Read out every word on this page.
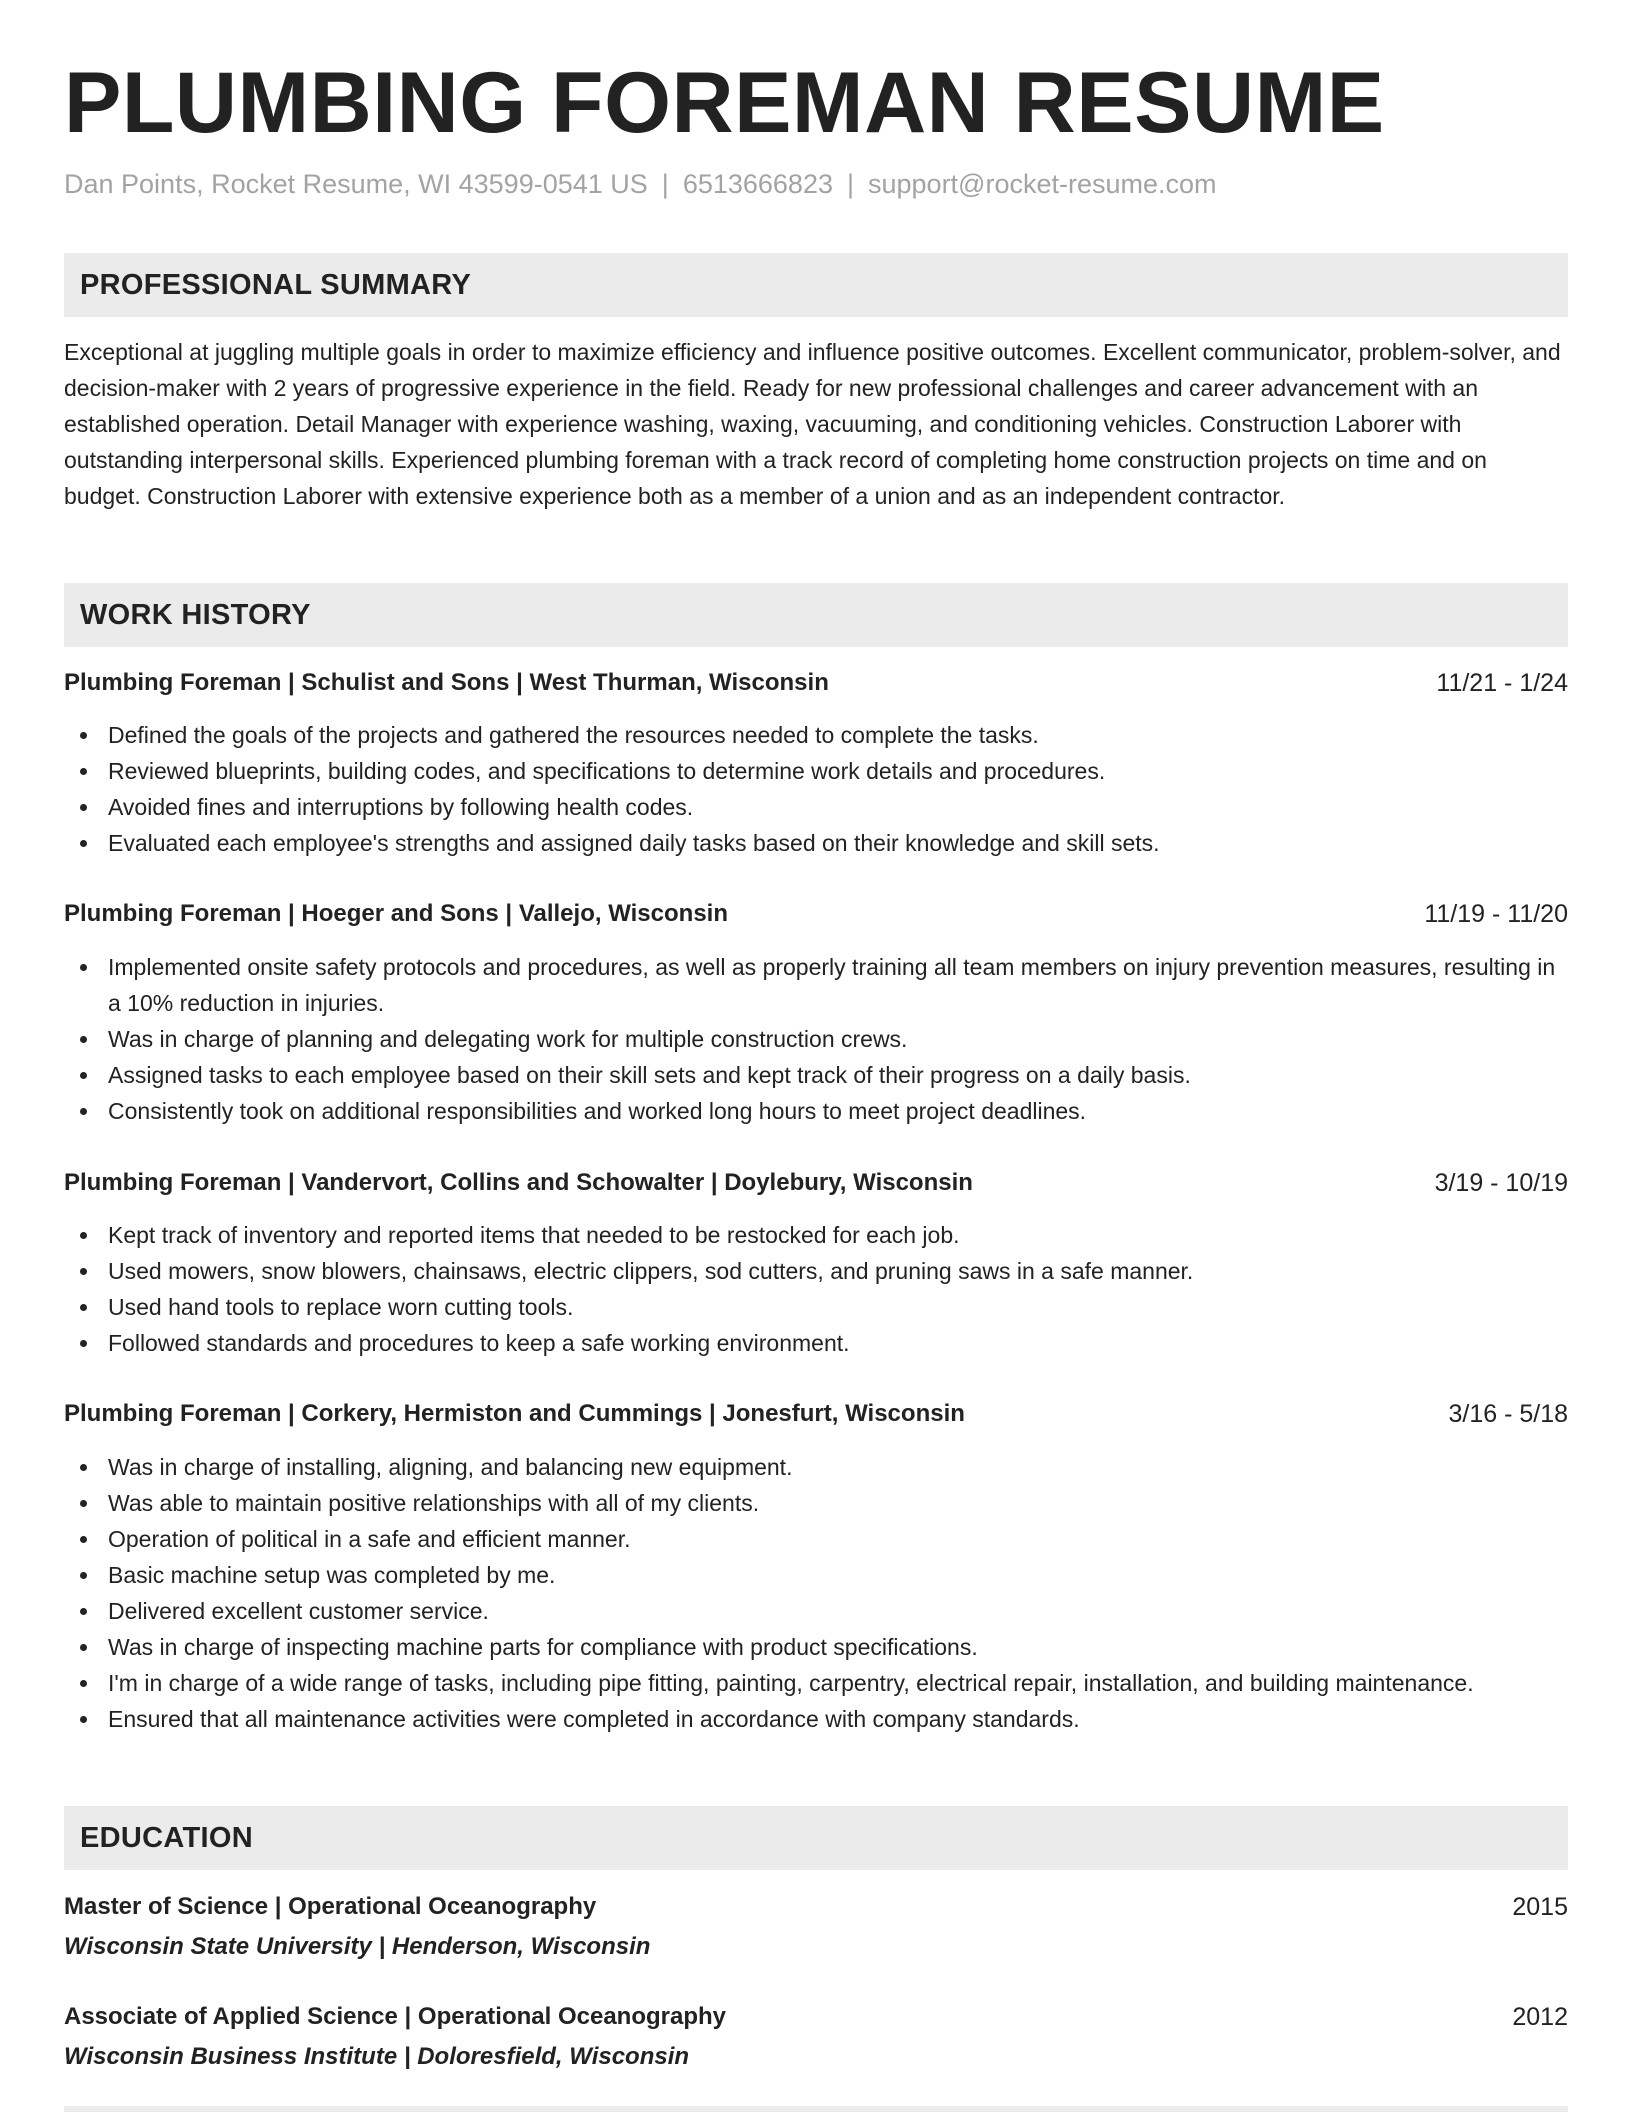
PLUMBING FOREMAN RESUME
Dan Points, Rocket Resume, WI 43599-0541 US | 6513666823 | support@rocket-resume.com
PROFESSIONAL SUMMARY

Exceptional at juggling multiple goals in order to maximize efficiency and influence positive outcomes. Excellent communicator, problem-solver, and decision-maker with 2 years of progressive experience in the field. Ready for new professional challenges and career advancement with an established operation. Detail Manager with experience washing, waxing, vacuuming, and conditioning vehicles. Construction Laborer with outstanding interpersonal skills. Experienced plumbing foreman with a track record of completing home construction projects on time and on budget. Construction Laborer with extensive experience both as a member of a union and as an independent contractor.

WORK HISTORY
Plumbing Foreman | Schulist and Sons | West Thurman, Wisconsin	11/21 - 1/24
Defined the goals of the projects and gathered the resources needed to complete the tasks.
Reviewed blueprints, building codes, and specifications to determine work details and procedures.
Avoided fines and interruptions by following health codes.
Evaluated each employee's strengths and assigned daily tasks based on their knowledge and skill sets.
Plumbing Foreman | Hoeger and Sons | Vallejo, Wisconsin	11/19 - 11/20
Implemented onsite safety protocols and procedures, as well as properly training all team members on injury prevention measures, resulting in a 10% reduction in injuries.
Was in charge of planning and delegating work for multiple construction crews.
Assigned tasks to each employee based on their skill sets and kept track of their progress on a daily basis.
Consistently took on additional responsibilities and worked long hours to meet project deadlines.
Plumbing Foreman | Vandervort, Collins and Schowalter | Doylebury, Wisconsin	3/19 - 10/19
Kept track of inventory and reported items that needed to be restocked for each job.
Used mowers, snow blowers, chainsaws, electric clippers, sod cutters, and pruning saws in a safe manner.
Used hand tools to replace worn cutting tools.
Followed standards and procedures to keep a safe working environment.
Plumbing Foreman | Corkery, Hermiston and Cummings | Jonesfurt, Wisconsin	3/16 - 5/18
Was in charge of installing, aligning, and balancing new equipment.
Was able to maintain positive relationships with all of my clients.
Operation of political in a safe and efficient manner.
Basic machine setup was completed by me.
Delivered excellent customer service.
Was in charge of inspecting machine parts for compliance with product specifications.
I'm in charge of a wide range of tasks, including pipe fitting, painting, carpentry, electrical repair, installation, and building maintenance.
Ensured that all maintenance activities were completed in accordance with company standards.
EDUCATION
Master of Science | Operational Oceanography	2015
Wisconsin State University | Henderson, Wisconsin
Associate of Applied Science | Operational Oceanography	2012
Wisconsin Business Institute | Doloresfield, Wisconsin
